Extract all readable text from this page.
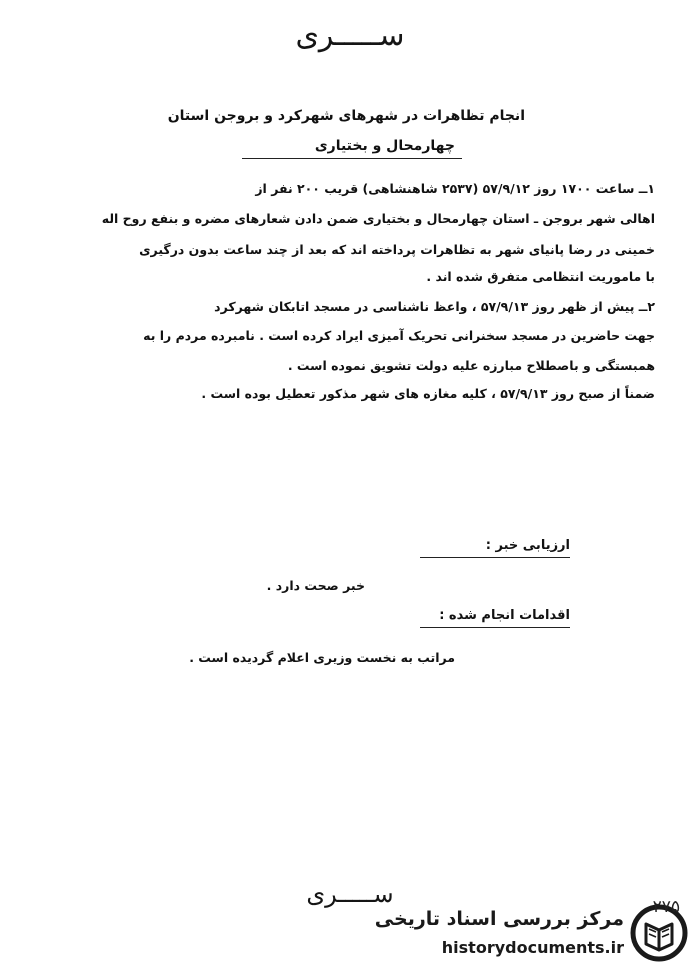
ســـــری
انجام تظاهرات در شهرهای شهرکرد و بروجن استان
چهارمحال و بختیاری
۱ــ ساعت ۱۷۰۰ روز ۵۷/۹/۱۲ (۲۵۳۷ شاهنشاهی) قریب ۲۰۰ نفر از
اهالی شهر بروجن ـ استان چهارمحال و بختیاری ضمن دادن شعارهای مضره و بنفع روح اله
خمینی در رضا پانیای شهر به تظاهرات پرداخته اند که بعد از چند ساعت بدون درگیری
با ماموریت انتظامی متفرق شده اند .
۲ــ پیش از ظهر روز ۵۷/۹/۱۳ ، واعظ ناشناسی در مسجد اتابکان شهرکرد
جهت حاضرین در مسجد سخنرانی تحریک آمیزی ایراد کرده است . نامبرده مردم را به
همبستگی و باصطلاح مبارزه علیه دولت تشویق نموده است .
ضمناً از صبح روز ۵۷/۹/۱۳ ، کلیه مغازه های شهر مذکور تعطیل بوده است .
ارزیابی خبر :
خبر صحت دارد .
اقدامات انجام شده :
مراتب به نخست وزیری اعلام گردیده است .
ســـــری
مرکز بررسی اسناد تاریخی
historydocuments.ir
۲۷۵
